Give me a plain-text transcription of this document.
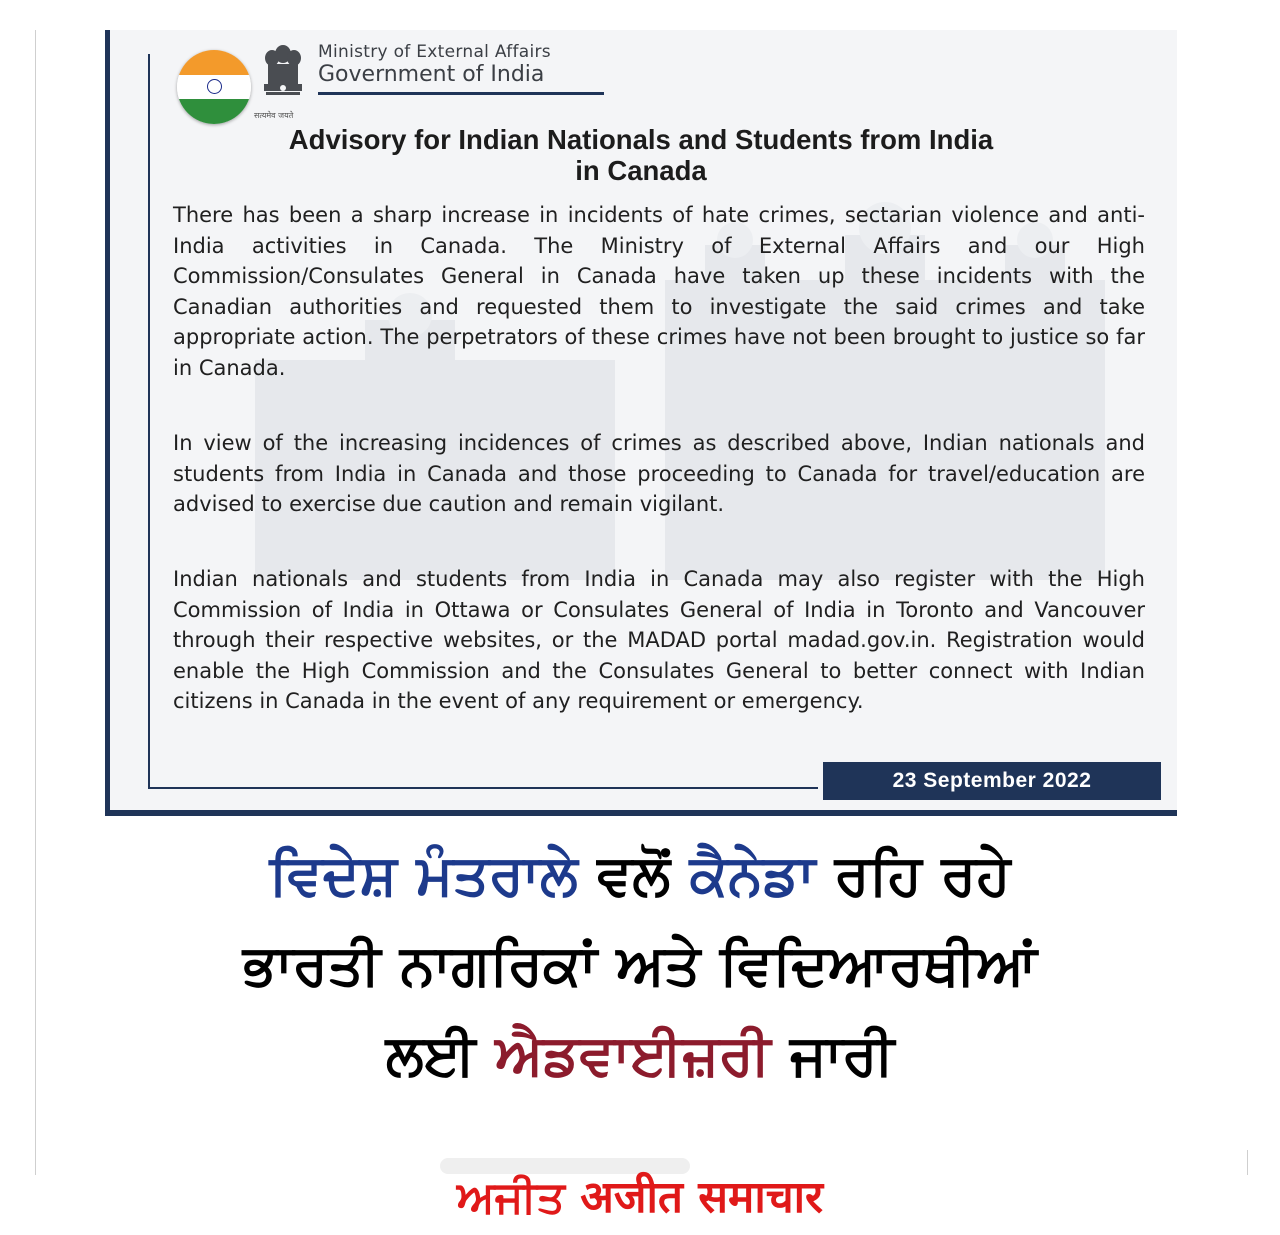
सत्यमेव जयते
Ministry of External Affairs
Government of India
Advisory for Indian Nationals and Students from India
in Canada

There has been a sharp increase in incidents of hate crimes, sectarian violence and anti-India activities in Canada. The Ministry of External Affairs and our High Commission/Consulates General in Canada have taken up these incidents with the Canadian authorities and requested them to investigate the said crimes and take appropriate action. The perpetrators of these crimes have not been brought to justice so far in Canada.

In view of the increasing incidences of crimes as described above, Indian nationals and students from India in Canada and those proceeding to Canada for travel/education are advised to exercise due caution and remain vigilant.

Indian nationals and students from India in Canada may also register with the High Commission of India in Ottawa or Consulates General of India in Toronto and Vancouver through their respective websites, or the MADAD portal madad.gov.in. Registration would enable the High Commission and the Consulates General to better connect with Indian citizens in Canada in the event of any requirement or emergency.

23 September 2022

ਵਿਦੇਸ਼ ਮੰਤਰਾਲੇ ਵਲੋਂ ਕੈਨੇਡਾ ਰਹਿ ਰਹੇ

ਭਾਰਤੀ ਨਾਗਰਿਕਾਂ ਅਤੇ ਵਿਦਿਆਰਥੀਆਂ

ਲਈ ਐਡਵਾਈਜ਼ਰੀ ਜਾਰੀ

ਅਜੀਤ अजीत समाचार
